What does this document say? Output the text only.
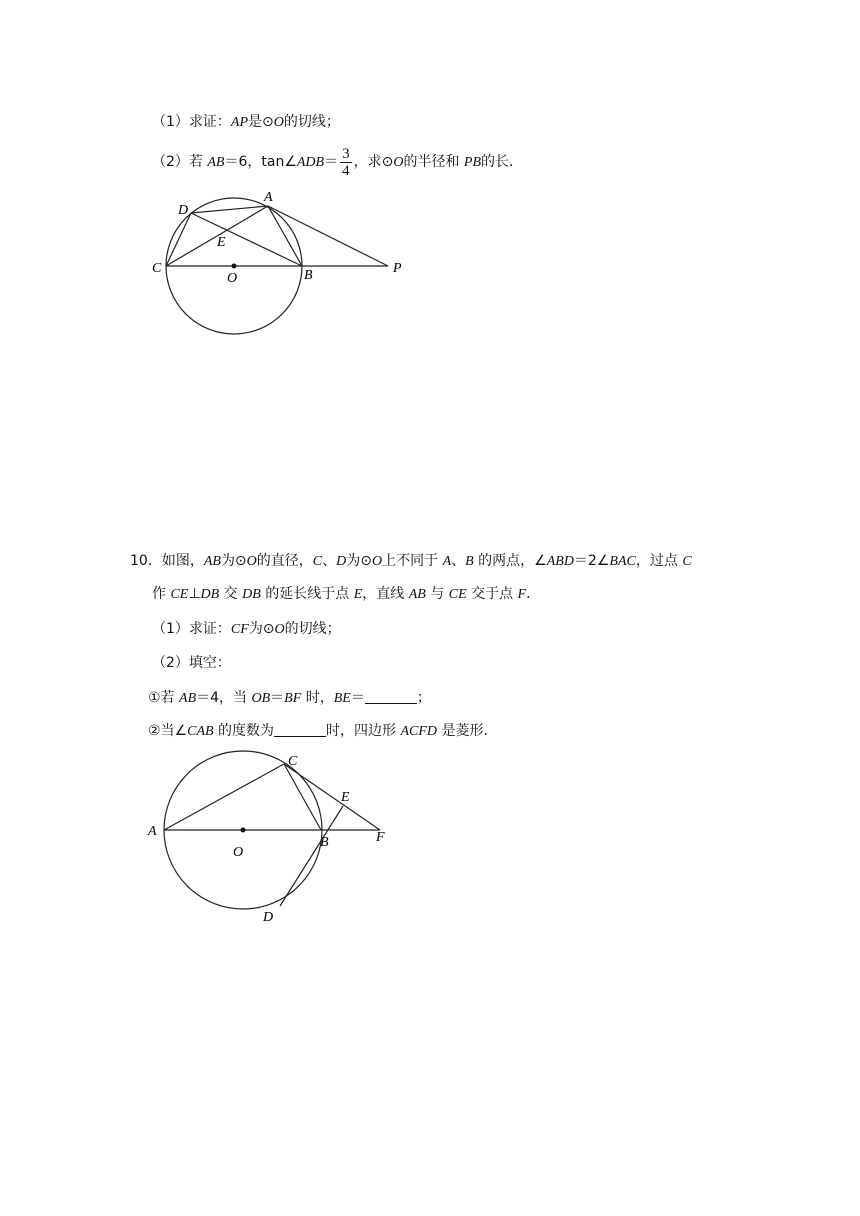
（1）求证：AP是⊙O的切线；
（2）若 AB＝6，tan∠ADB＝ $\frac{3}{4}$ ，求⊙O的半径和 PB的长．
D
A
E
C
O	B	P
10．如图，AB为⊙O的直径，C、D为⊙O上不同于 A、B 的两点，∠ABD＝2∠BAC，过点 C
作 CE⊥DB 交 DB 的延长线于点 E，直线 AB 与 CE 交于点 F．
（1）求证：CF为⊙O的切线；
（2）填空：
①若 AB＝4，当 OB＝BF 时，BE＝	；
②当∠CAB 的度数为	时，四边形 ACFD 是菱形．
A
C
E
O
B	F
D
